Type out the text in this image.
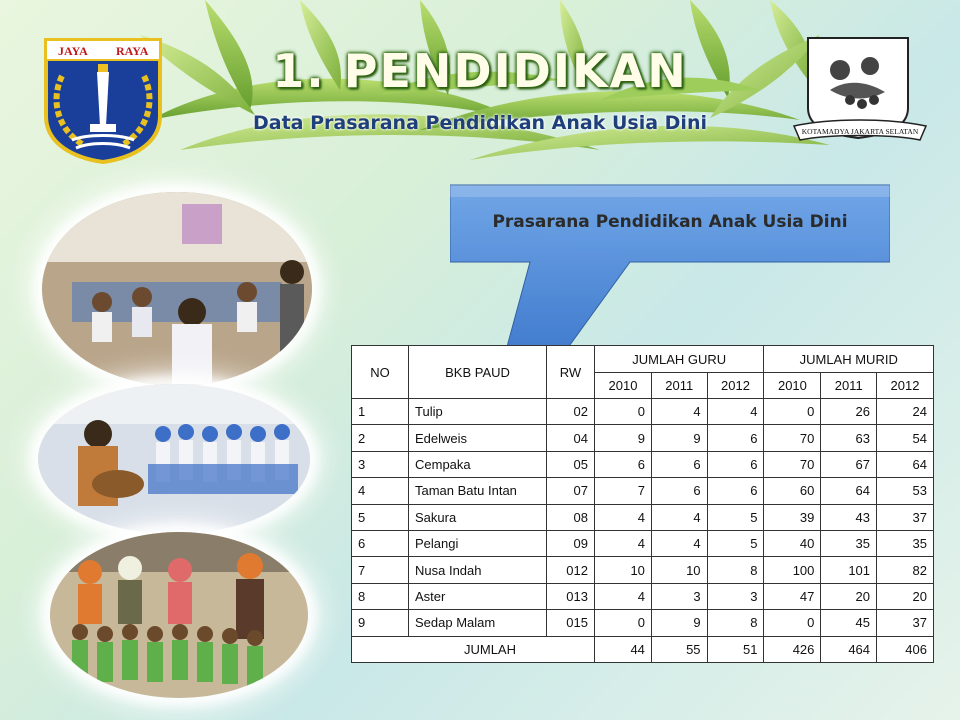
JAYA RAYA
KOTAMADYA JAKARTA SELATAN
1. PENDIDIKAN
Data Prasarana Pendidikan Anak Usia Dini
Prasarana Pendidikan Anak Usia Dini
NO	BKB PAUD	RW	JUMLAH GURU			JUMLAH MURID		
			2010	2011	2012	2010	2011	2012
1	Tulip	02	0	4	4	0	26	24
2	Edelweis	04	9	9	6	70	63	54
3	Cempaka	05	6	6	6	70	67	64
4	Taman Batu Intan	07	7	6	6	60	64	53
5	Sakura	08	4	4	5	39	43	37
6	Pelangi	09	4	4	5	40	35	35
7	Nusa Indah	012	10	10	8	100	101	82
8	Aster	013	4	3	3	47	20	20
9	Sedap Malam	015	0	9	8	0	45	37
JUMLAH			44	55	51	426	464	406
